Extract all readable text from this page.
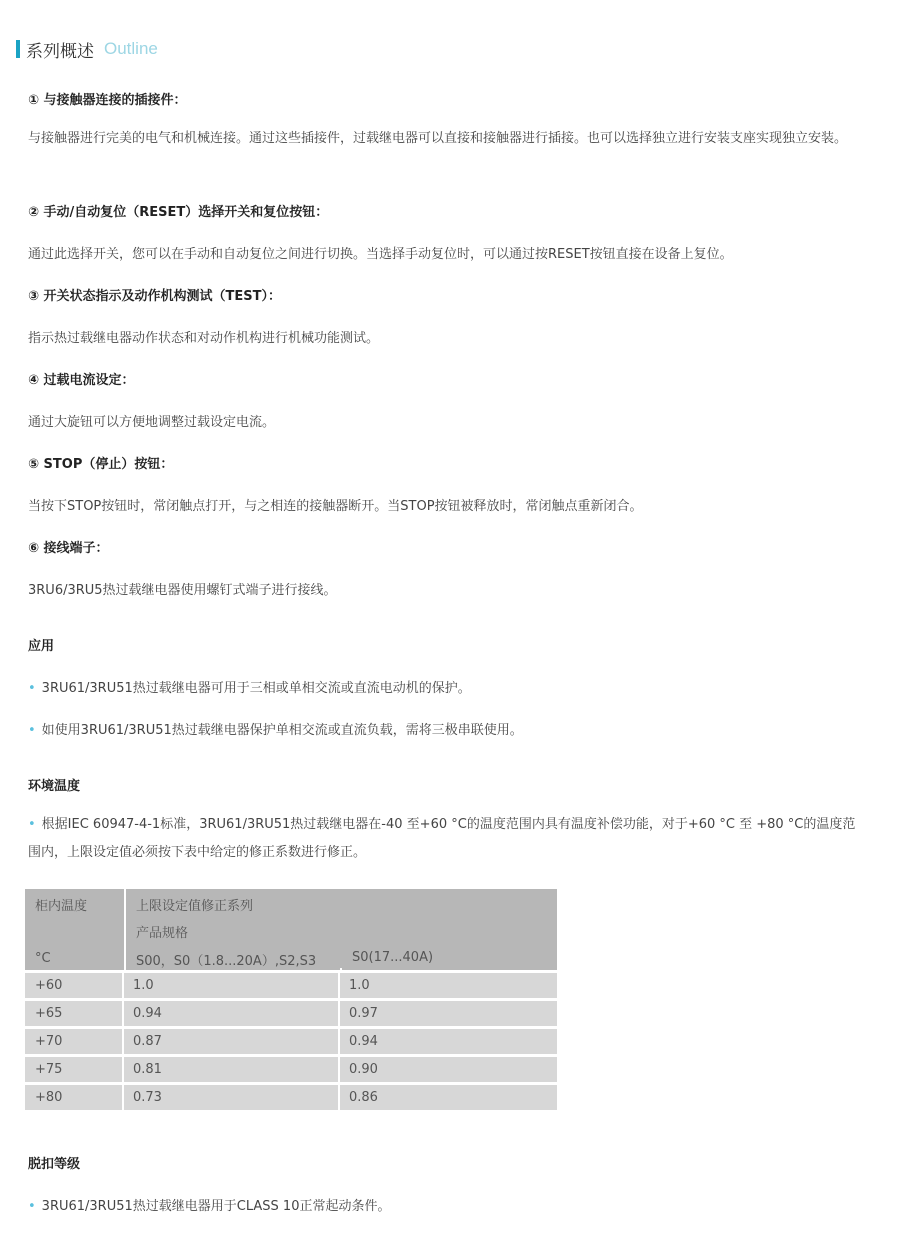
系列概述 Outline
① 与接触器连接的插接件：
与接触器进行完美的电气和机械连接。通过这些插接件，过载继电器可以直接和接触器进行插接。也可以选择独立进行安装支座实现独立安装。
② 手动/自动复位（RESET）选择开关和复位按钮：
通过此选择开关，您可以在手动和自动复位之间进行切换。当选择手动复位时，可以通过按RESET按钮直接在设备上复位。
③ 开关状态指示及动作机构测试（TEST）：
指示热过载继电器动作状态和对动作机构进行机械功能测试。
④ 过载电流设定：
通过大旋钮可以方便地调整过载设定电流。
⑤ STOP（停止）按钮：
当按下STOP按钮时，常闭触点打开，与之相连的接触器断开。当STOP按钮被释放时，常闭触点重新闭合。
⑥ 接线端子：
3RU6/3RU5热过载继电器使用螺钉式端子进行接线。
应用
• 3RU61/3RU51热过载继电器可用于三相或单相交流或直流电动机的保护。
• 如使用3RU61/3RU51热过载继电器保护单相交流或直流负载，需将三极串联使用。
环境温度
• 根据IEC 60947-4-1标准，3RU61/3RU51热过载继电器在-40 至+60 °C的温度范围内具有温度补偿功能，对于+60 °C 至 +80 °C的温度范围内，上限设定值必须按下表中给定的修正系数进行修正。
柜内温度
°C
上限设定值修正系列
产品规格
S00，S0（1.8...20A）,S2,S3	S0(17...40A)
+60	1.0	1.0
+65	0.94	0.97
+70	0.87	0.94
+75	0.81	0.90
+80	0.73	0.86
脱扣等级
• 3RU61/3RU51热过载继电器用于CLASS 10正常起动条件。
